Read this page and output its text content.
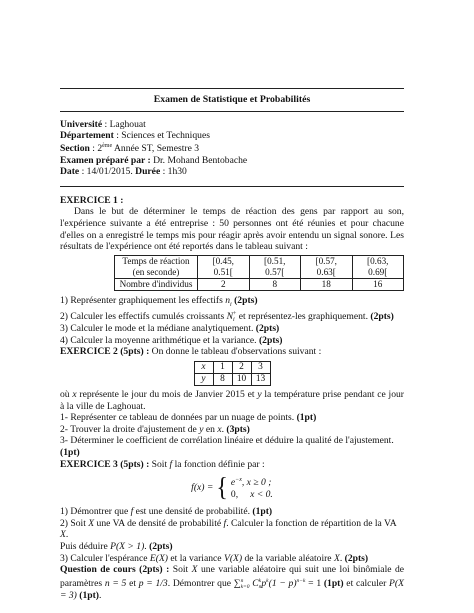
Examen de Statistique et Probabilités
Université : Laghouat
Département : Sciences et Techniques
Section : 2ème Année ST, Semestre 3
Examen préparé par : Dr. Mohand Bentobache
Date : 14/01/2015. Durée : 1h30
EXERCICE 1 :
Dans le but de déterminer le temps de réaction des gens par rapport au son, l'expérience suivante a été entreprise : 50 personnes ont été réunies et pour chacune d'elles on a enregistré le temps mis pour réagir après avoir entendu un signal sonore. Les résultats de l'expérience ont été reportés dans le tableau suivant :
Temps de réaction (en seconde)	[0.45, 0.51[	[0.51, 0.57[	[0.57, 0.63[	[0.63, 0.69[
Nombre d'individus	2	8	18	16
1) Représenter graphiquement les effectifs $n_i$ (2pts)
2) Calculer les effectifs cumulés croissants N +
i et représentez-les graphiquement. (2pts)
3) Calculer le mode et la médiane analytiquement. (2pts)
4) Calculer la moyenne arithmétique et la variance. (2pts)
EXERCICE 2 (5pts) : On donne le tableau d'observations suivant :
x	1	2	3
y	8	10	13
où x représente le jour du mois de Janvier 2015 et y la température prise pendant ce jour à la ville de Laghouat.
1- Représenter ce tableau de données par un nuage de points. (1pt)
2- Trouver la droite d'ajustement de y en x. (3pts)
3- Déterminer le coefficient de corrélation linéaire et déduire la qualité de l'ajustement. (1pt)
EXERCICE 3 (5pts) : Soit f la fonction définie par :
f(x) = { $e^{-x}$, x ≥ 0 ;
0, x < 0.
1) Démontrer que f est une densité de probabilité. (1pt)
2) Soit X une VA de densité de probabilité f. Calculer la fonction de répartition de la VA X.
Puis déduire P(X > 1). (2pts)
3) Calculer l'espérance E(X) et la variance V(X) de la variable aléatoire X. (2pts)
Question de cours (2pts) : Soit X une variable aléatoire qui suit une loi binômiale de paramètres n = 5 et p = 1/3. Démontrer que ∑ n
k=0 C k
n $p^k(1 - p)^{n-k} = 1$ (1pt) et calculer P(X = 3) (1pt).
